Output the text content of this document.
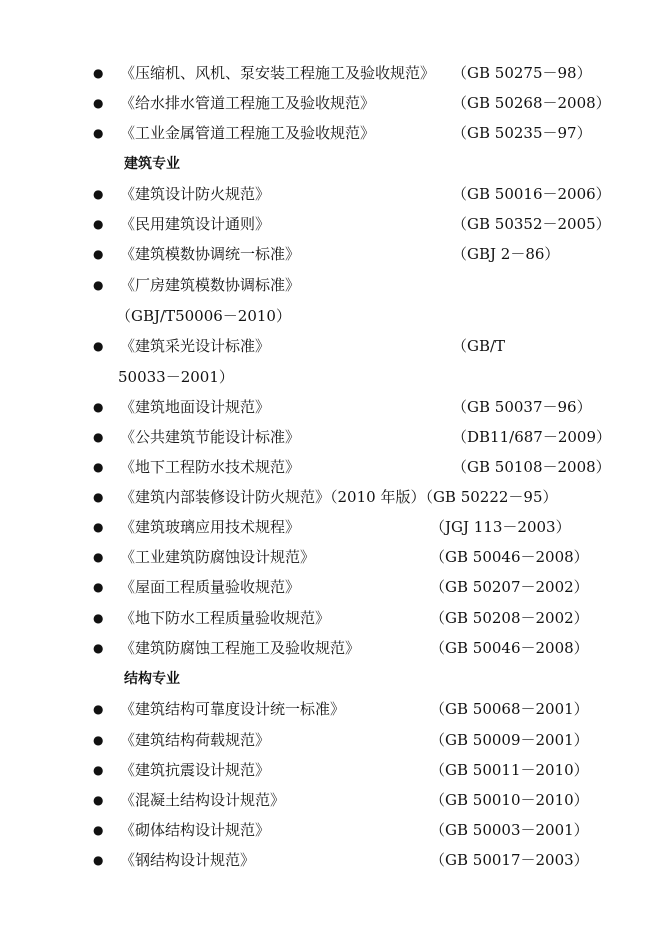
● 《压缩机、风机、泵安装工程施工及验收规范》 （GB 50275－98）
● 《给水排水管道工程施工及验收规范》	（GB 50268－2008）
● 《工业金属管道工程施工及验收规范》	（GB 50235－97）
建筑专业
● 《建筑设计防火规范》	（GB 50016－2006）
● 《民用建筑设计通则》	（GB 50352－2005）
● 《建筑模数协调统一标准》	（GBJ 2－86）
● 《厂房建筑模数协调标准》
（GBJ/T50006－2010）
● 《建筑采光设计标准》	（GB/T
50033－2001）
● 《建筑地面设计规范》	（GB 50037－96）
● 《公共建筑节能设计标准》	（DB11/687－2009）
● 《地下工程防水技术规范》	（GB 50108－2008）
● 《建筑内部装修设计防火规范》（2010 年版）（GB 50222－95）
● 《建筑玻璃应用技术规程》	（JGJ 113－2003）
● 《工业建筑防腐蚀设计规范》	（GB 50046－2008）
● 《屋面工程质量验收规范》	（GB 50207－2002）
● 《地下防水工程质量验收规范》	（GB 50208－2002）
● 《建筑防腐蚀工程施工及验收规范》	（GB 50046－2008）
结构专业
● 《建筑结构可靠度设计统一标准》	（GB 50068－2001）
● 《建筑结构荷载规范》	（GB 50009－2001）
● 《建筑抗震设计规范》	（GB 50011－2010）
● 《混凝土结构设计规范》	（GB 50010－2010）
● 《砌体结构设计规范》	（GB 50003－2001）
● 《钢结构设计规范》	（GB 50017－2003）
